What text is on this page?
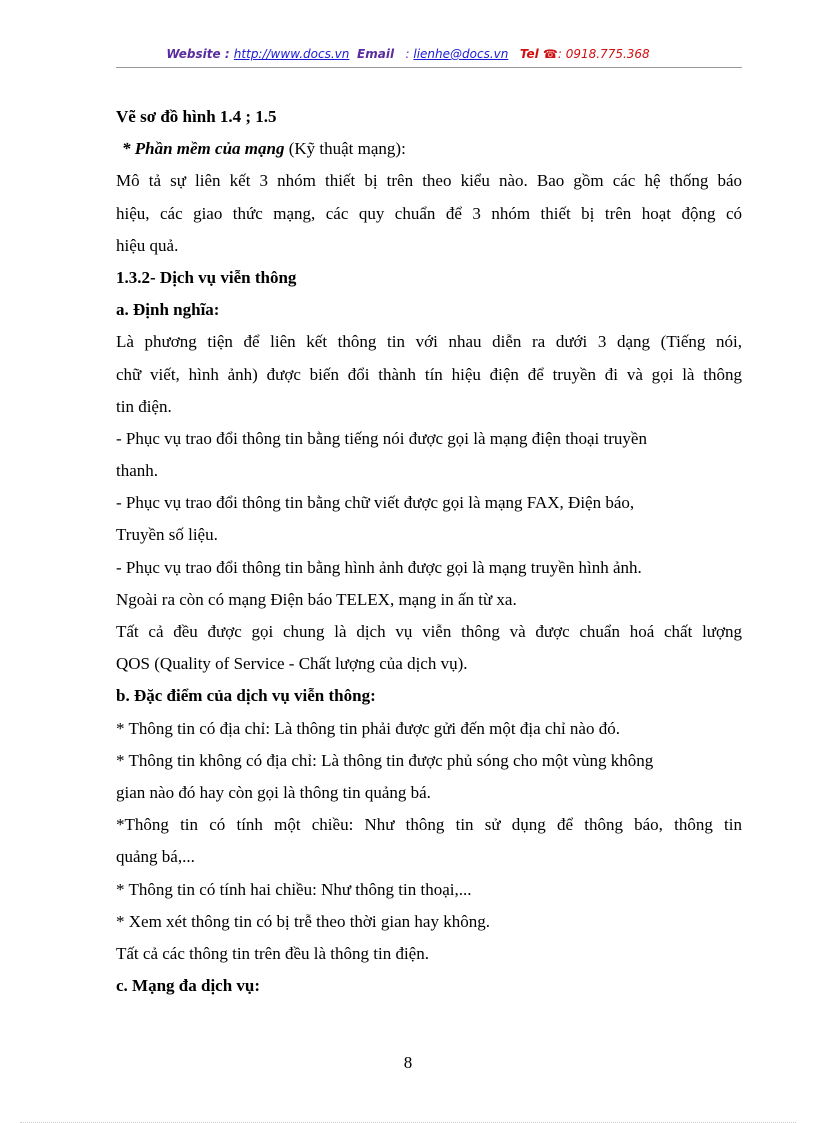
Website : http://www.docs.vn Email   : lienhe@docs.vn Tel ☎: 0918.775.368
Vẽ sơ đồ hình 1.4 ; 1.5
* Phần mềm của mạng (Kỹ thuật mạng):
Mô tả sự liên kết 3 nhóm thiết bị trên theo kiểu nào. Bao gồm các hệ thống báo
hiệu, các giao thức mạng, các quy chuẩn để 3 nhóm thiết bị trên hoạt động có
hiệu quả.
1.3.2- Dịch vụ viễn thông
a. Định nghĩa:
Là phương tiện để liên kết thông tin với nhau diễn ra dưới 3 dạng (Tiếng nói,
chữ viết, hình ảnh) được biến đổi thành tín hiệu điện để truyền đi và gọi là thông
tin điện.
- Phục vụ trao đổi thông tin bằng tiếng nói được gọi là mạng điện thoại truyền
thanh.
- Phục vụ trao đổi thông tin bằng chữ viết được gọi là mạng FAX, Điện báo,
Truyền số liệu.
- Phục vụ trao đổi thông tin bằng hình ảnh được gọi là mạng truyền hình ảnh.
Ngoài ra còn có mạng Điện báo TELEX, mạng in ấn từ xa.
Tất cả đều được gọi chung là dịch vụ viễn thông và được chuẩn hoá chất lượng
QOS (Quality of Service - Chất lượng của dịch vụ).
b. Đặc điểm của dịch vụ viễn thông:
* Thông tin có địa chỉ: Là thông tin phải được gửi đến một địa chỉ nào đó.
* Thông tin không có địa chỉ: Là thông tin được phủ sóng cho một vùng không
gian nào đó hay còn gọi là thông tin quảng bá.
*Thông tin có tính một chiều: Như thông tin sử dụng để thông báo, thông tin
quảng bá,...
* Thông tin có tính hai chiều: Như thông tin thoại,...
* Xem xét thông tin có bị trễ theo thời gian hay không.
Tất cả các thông tin trên đều là thông tin điện.
c. Mạng đa dịch vụ:
8
